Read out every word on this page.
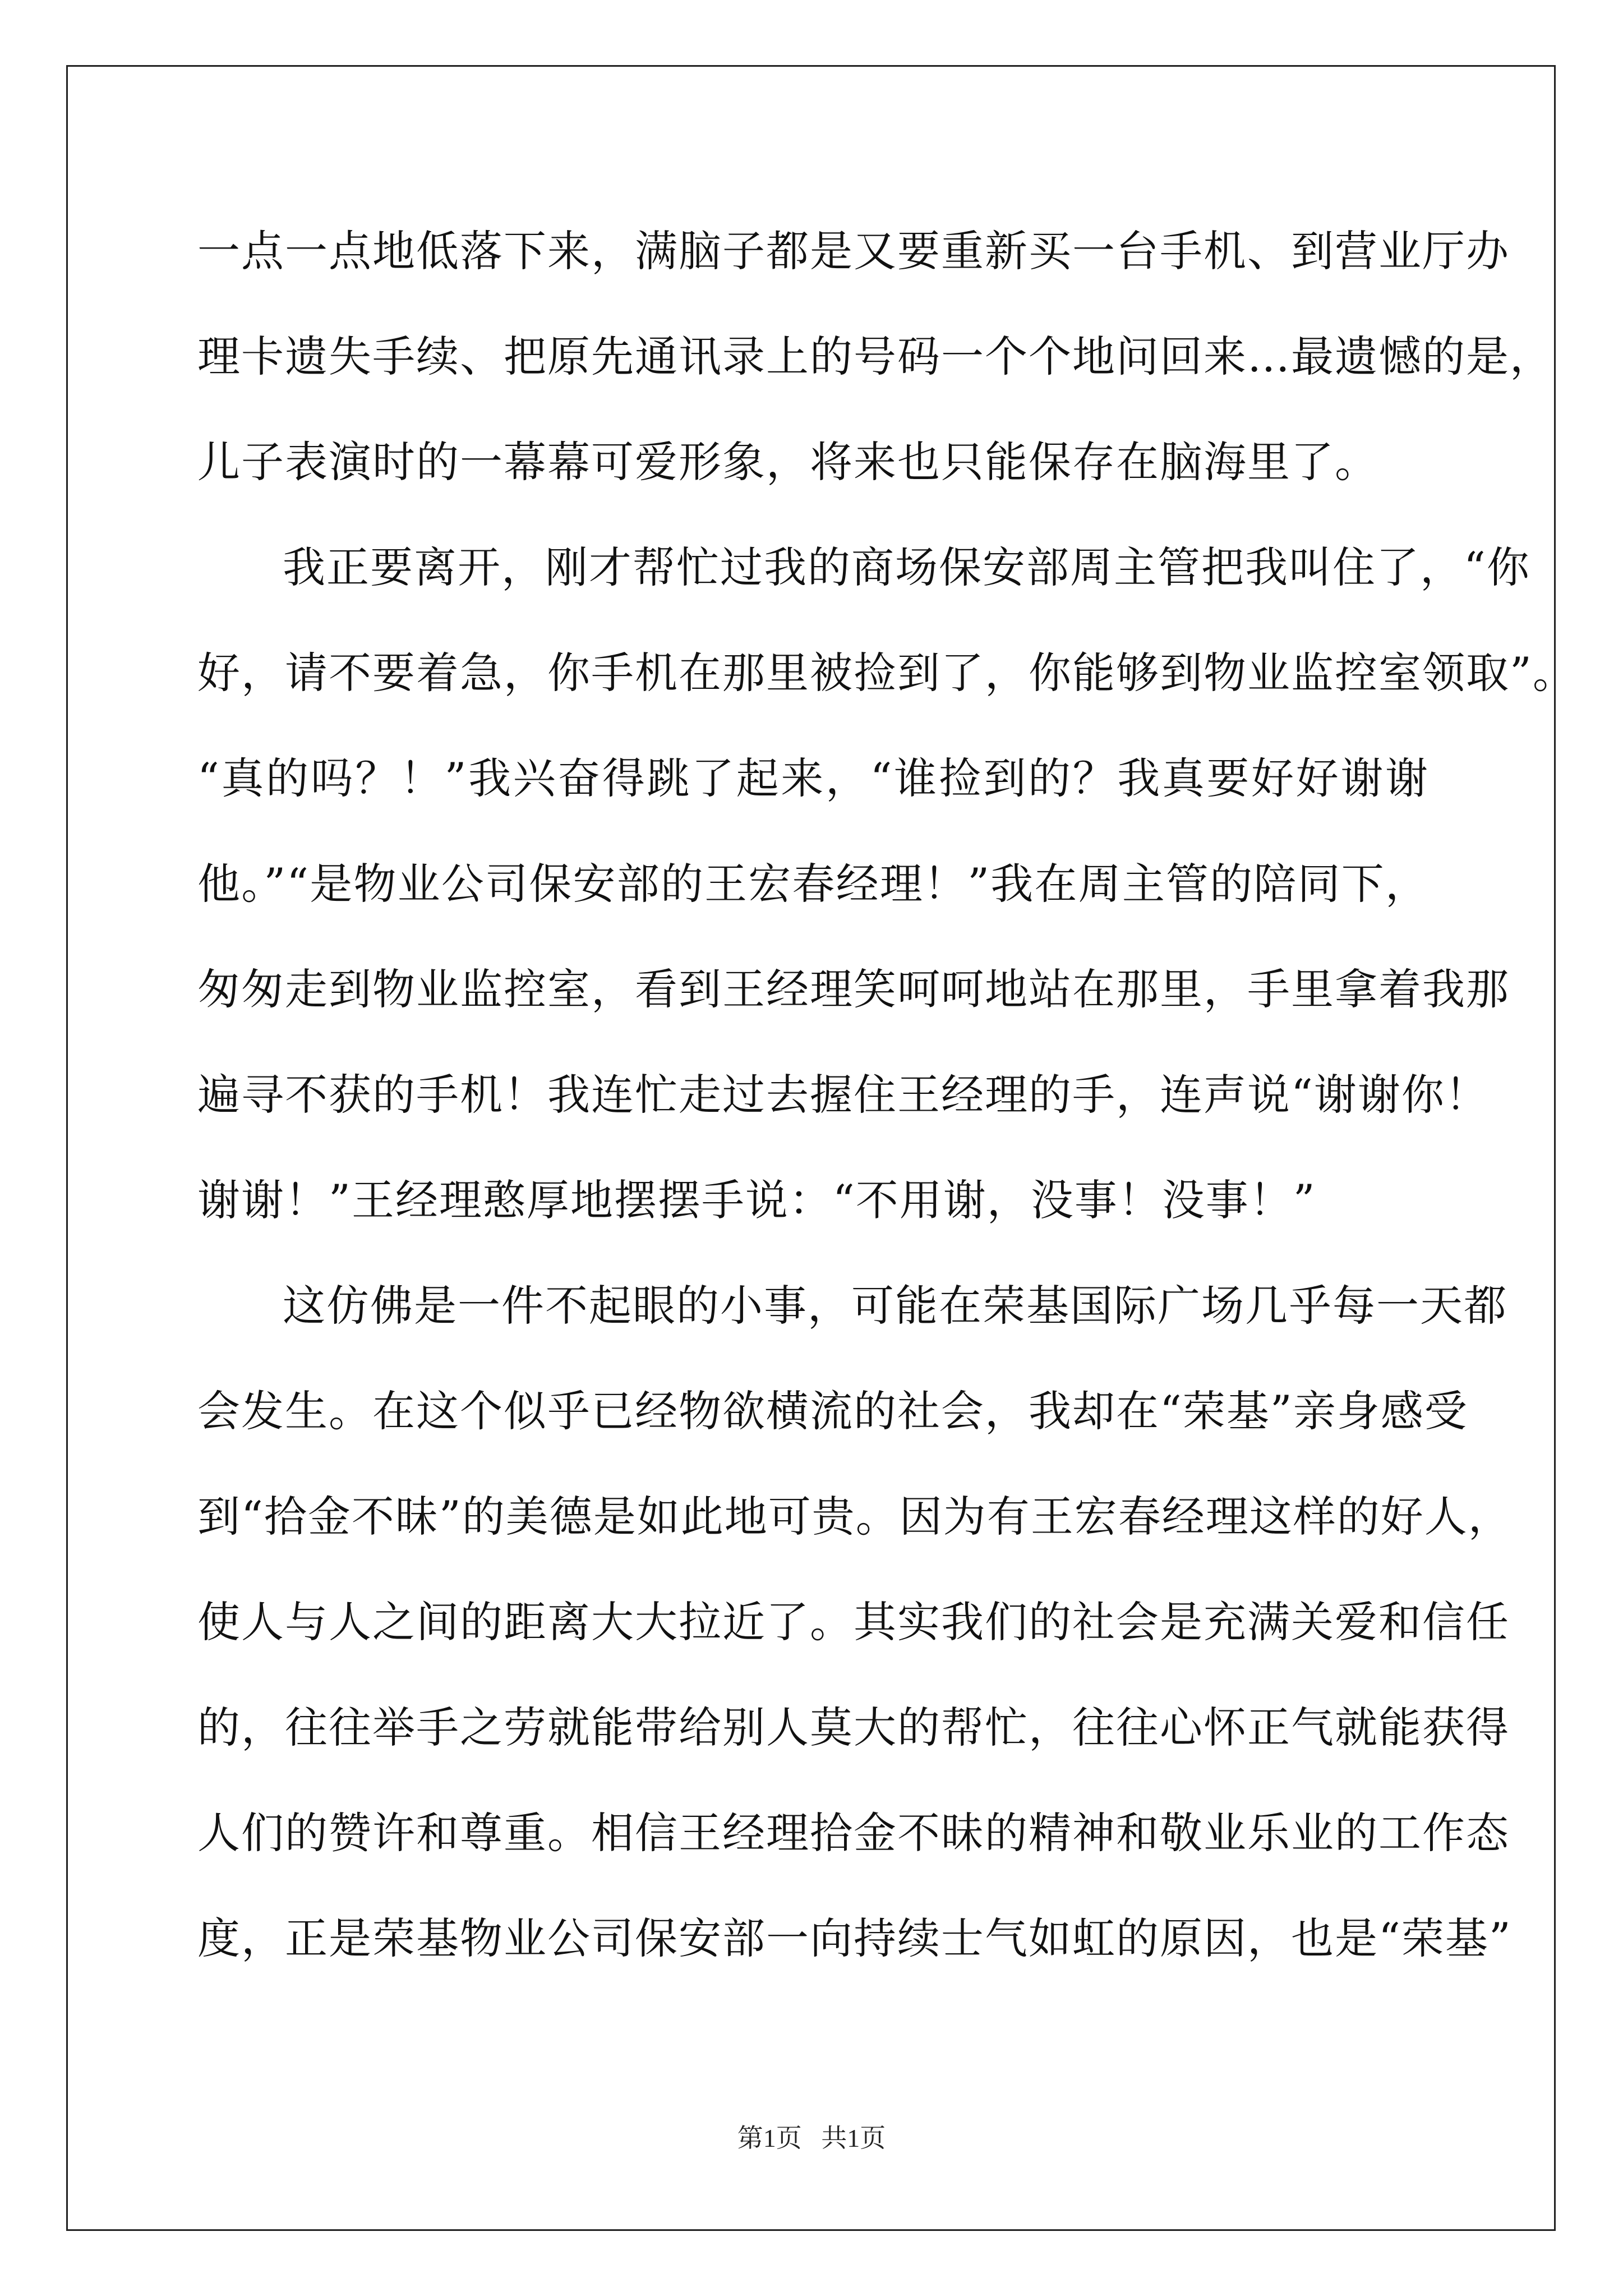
一点一点地低落下来，满脑子都是又要重新买一台手机、到营业厅办
理卡遗失手续、把原先通讯录上的号码一个个地问回来…最遗憾的是，
儿子表演时的一幕幕可爱形象，将来也只能保存在脑海里了。
我正要离开，刚才帮忙过我的商场保安部周主管把我叫住了，“你
好，请不要着急，你手机在那里被捡到了，你能够到物业监控室领取”。
“真的吗？！”我兴奋得跳了起来，“谁捡到的？我真要好好谢谢
他。”“是物业公司保安部的王宏春经理！”我在周主管的陪同下，
匆匆走到物业监控室，看到王经理笑呵呵地站在那里，手里拿着我那
遍寻不获的手机！我连忙走过去握住王经理的手，连声说“谢谢你！
谢谢！”王经理憨厚地摆摆手说：“不用谢，没事！没事！”
这仿佛是一件不起眼的小事，可能在荣基国际广场几乎每一天都
会发生。在这个似乎已经物欲横流的社会，我却在“荣基”亲身感受
到“拾金不昧”的美德是如此地可贵。因为有王宏春经理这样的好人，
使人与人之间的距离大大拉近了。其实我们的社会是充满关爱和信任
的，往往举手之劳就能带给别人莫大的帮忙，往往心怀正气就能获得
人们的赞许和尊重。相信王经理拾金不昧的精神和敬业乐业的工作态
度，正是荣基物业公司保安部一向持续士气如虹的原因，也是“荣基”
第1页   共1页
